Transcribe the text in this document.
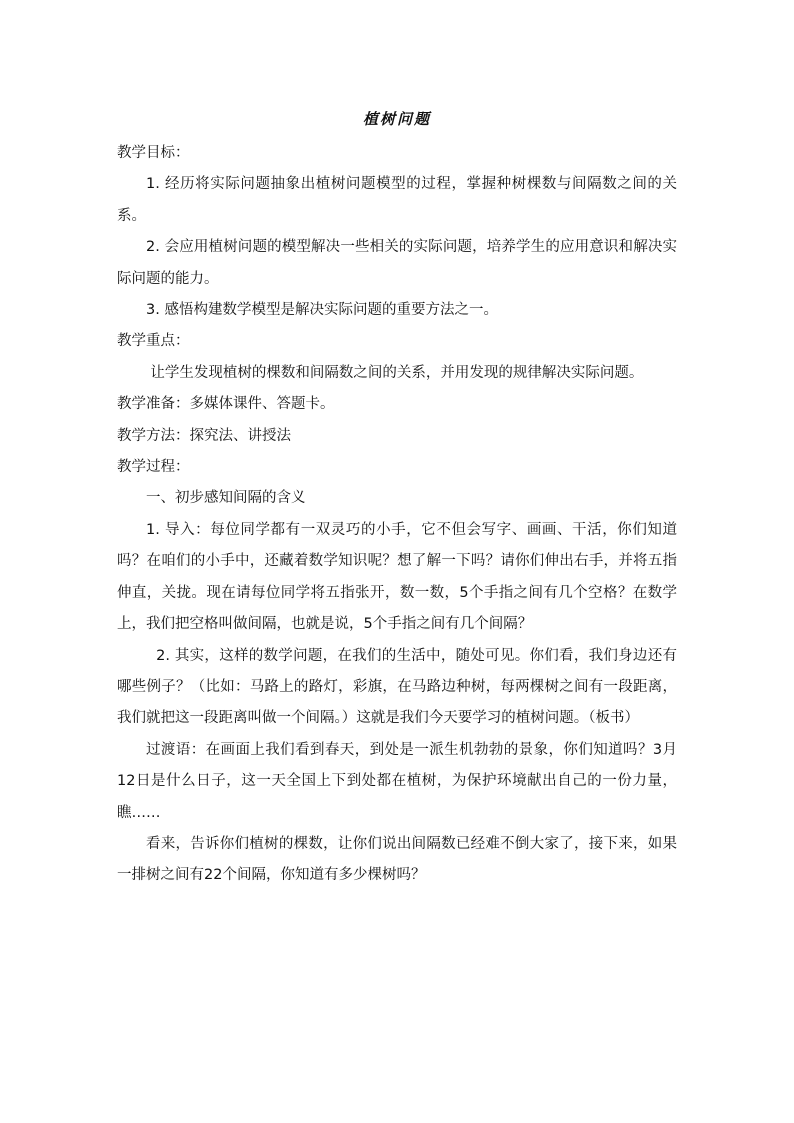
植树问题

教学目标：

1. 经历将实际问题抽象出植树问题模型的过程，掌握种树棵数与间隔数之间的关系。

2. 会应用植树问题的模型解决一些相关的实际问题，培养学生的应用意识和解决实际问题的能力。

3. 感悟构建数学模型是解决实际问题的重要方法之一。

教学重点：

让学生发现植树的棵数和间隔数之间的关系，并用发现的规律解决实际问题。

教学准备：多媒体课件、答题卡。

教学方法：探究法、讲授法

教学过程：

一、初步感知间隔的含义

1. 导入：每位同学都有一双灵巧的小手，它不但会写字、画画、干活，你们知道吗？在咱们的小手中，还藏着数学知识呢？想了解一下吗？请你们伸出右手，并将五指伸直，关拢。现在请每位同学将五指张开，数一数，5个手指之间有几个空格？在数学上，我们把空格叫做间隔，也就是说，5个手指之间有几个间隔？

2. 其实，这样的数学问题，在我们的生活中，随处可见。你们看，我们身边还有哪些例子？（比如：马路上的路灯，彩旗，在马路边种树，每两棵树之间有一段距离，我们就把这一段距离叫做一个间隔。）这就是我们今天要学习的植树问题。（板书）

过渡语：在画面上我们看到春天，到处是一派生机勃勃的景象，你们知道吗？3月12日是什么日子，这一天全国上下到处都在植树，为保护环境献出自己的一份力量，瞧……

看来，告诉你们植树的棵数，让你们说出间隔数已经难不倒大家了，接下来，如果一排树之间有22个间隔，你知道有多少棵树吗？
